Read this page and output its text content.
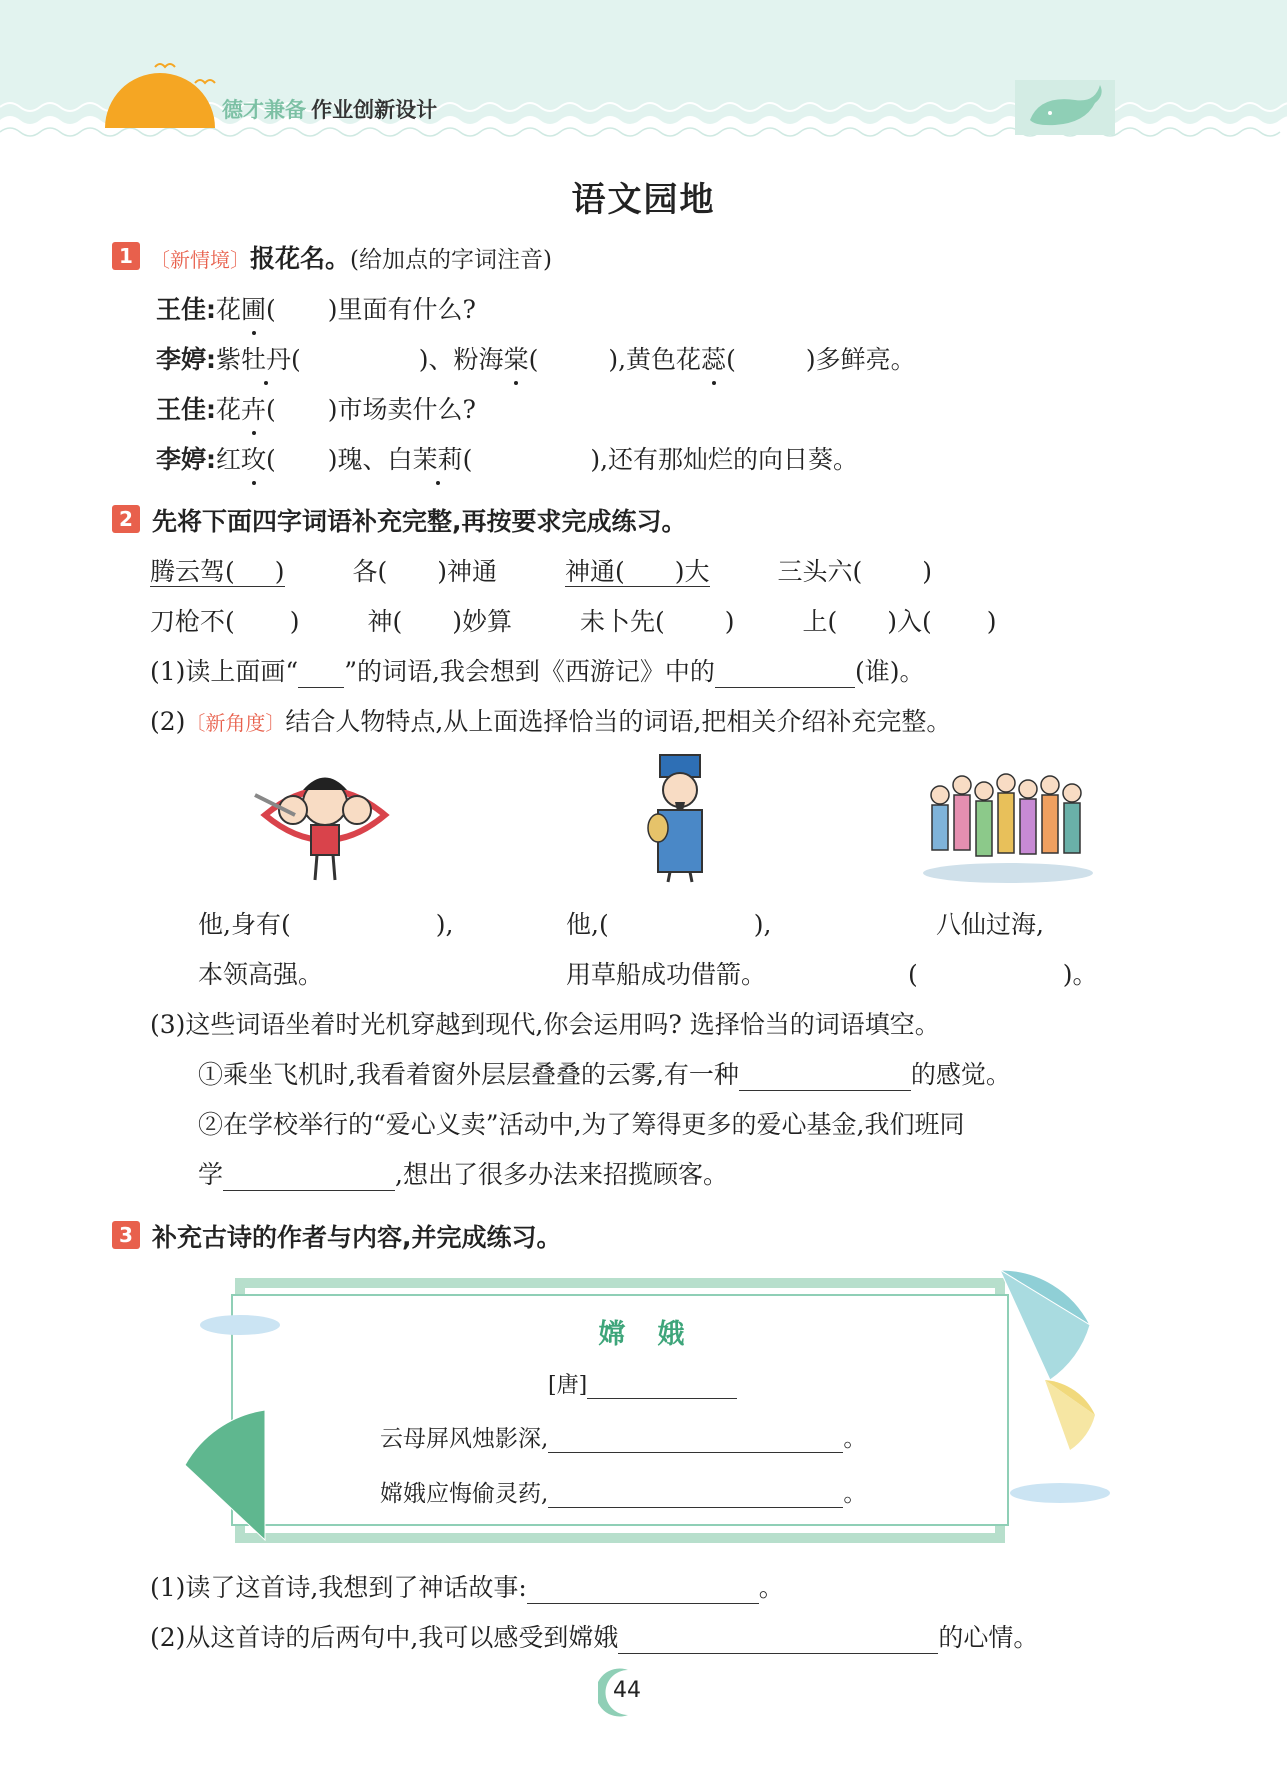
德才兼备 作业创新设计
语文园地
1 〔新情境〕报花名。(给加点的字词注音)
王佳:花圃( )里面有什么?
李婷:紫牡丹(	)、粉海棠(	),黄色花蕊(	)多鲜亮。
王佳:花卉( )市场卖什么?
李婷:红玫( )瑰、白茉莉(	),还有那灿烂的向日葵。
2 先将下面四字词语补充完整,再按要求完成练习。
腾云驾( )	各( )神通	神通( )大	三头六( )
刀枪不( )	神( )妙算	未卜先( )	上( )入( )
(1)读上面画“ ”的词语,我会想到《西游记》中的	(谁)。
(2)〔新角度〕结合人物特点,从上面选择恰当的词语,把相关介绍补充完整。
他,身有(	),
本领高强。
他,(	),
用草船成功借箭。
八仙过海,
(	)。
(3)这些词语坐着时光机穿越到现代,你会运用吗? 选择恰当的词语填空。
①乘坐飞机时,我看着窗外层层叠叠的云雾,有一种	的感觉。
②在学校举行的“爱心义卖”活动中,为了筹得更多的爱心基金,我们班同
学	,想出了很多办法来招揽顾客。
3 补充古诗的作者与内容,并完成练习。
嫦娥
[唐]
云母屏风烛影深,	。
嫦娥应悔偷灵药,	。
(1)读了这首诗,我想到了神话故事:	。
(2)从这首诗的后两句中,我可以感受到嫦娥	的心情。
44
